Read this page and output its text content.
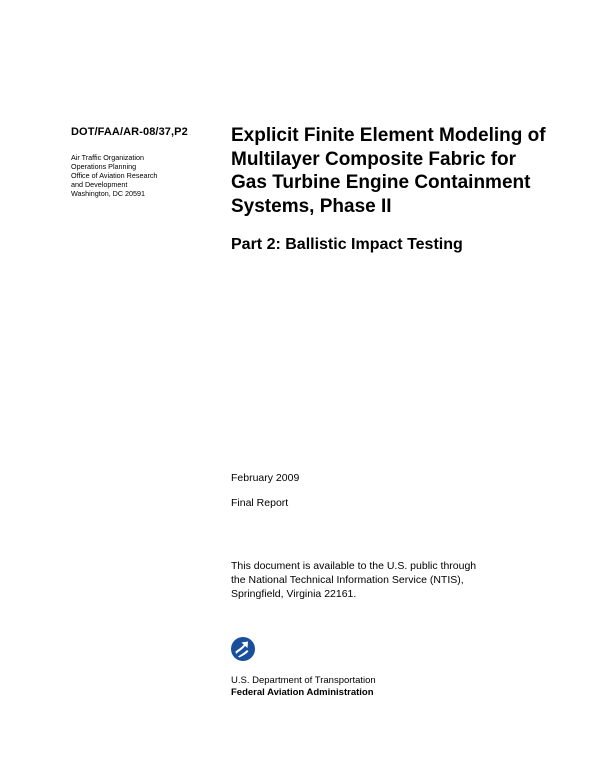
DOT/FAA/AR-08/37,P2
Air Traffic Organization
Operations Planning
Office of Aviation Research
and Development
Washington, DC 20591
Explicit Finite Element Modeling of
Multilayer Composite Fabric for
Gas Turbine Engine Containment
Systems, Phase II
Part 2: Ballistic Impact Testing
February 2009
Final Report
This document is available to the U.S. public through
the National Technical Information Service (NTIS),
Springfield, Virginia 22161.
U.S. Department of Transportation
Federal Aviation Administration
